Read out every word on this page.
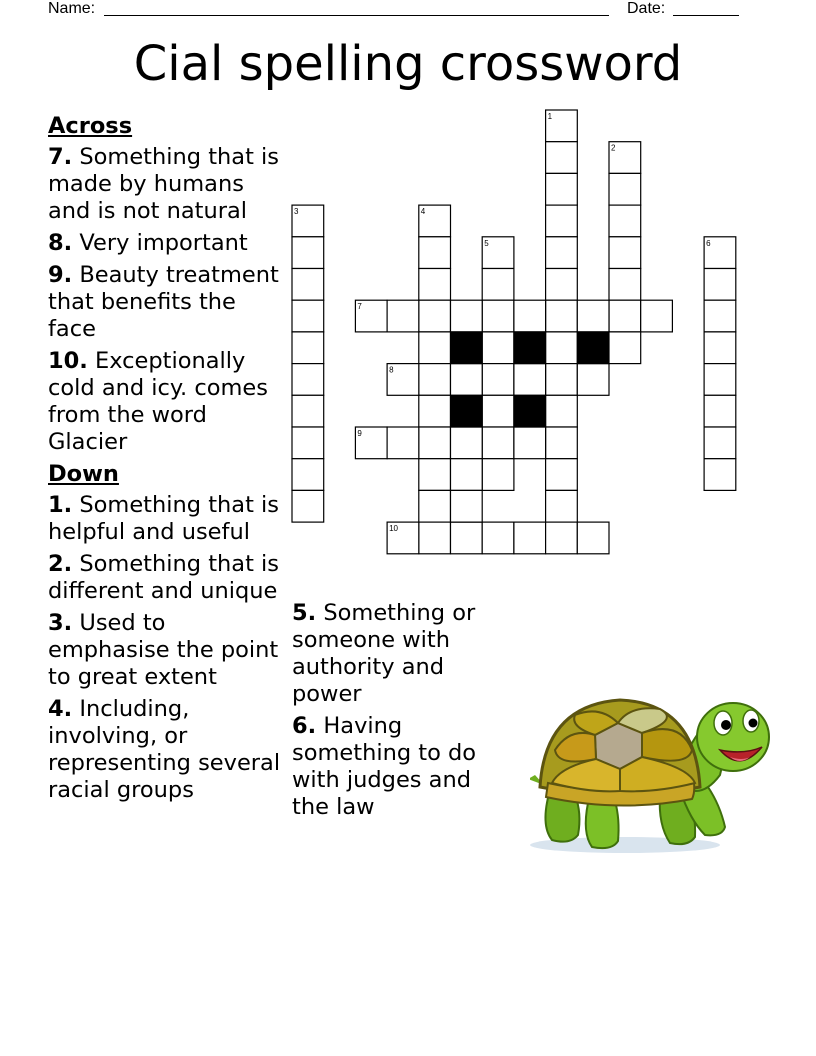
Name:	Date:
Cial spelling crossword
1
2
3	4
5	6
7
8
9
10
Across
7. Something that is made by humans and is not natural
8. Very important
9. Beauty treatment that benefits the face
10. Exceptionally cold and icy. comes from the word Glacier
Down
1. Something that is helpful and useful
2. Something that is different and unique
3. Used to emphasise the point to great extent
4. Including, involving, or representing several racial groups
5. Something or someone with authority and power
6. Having something to do with judges and the law
